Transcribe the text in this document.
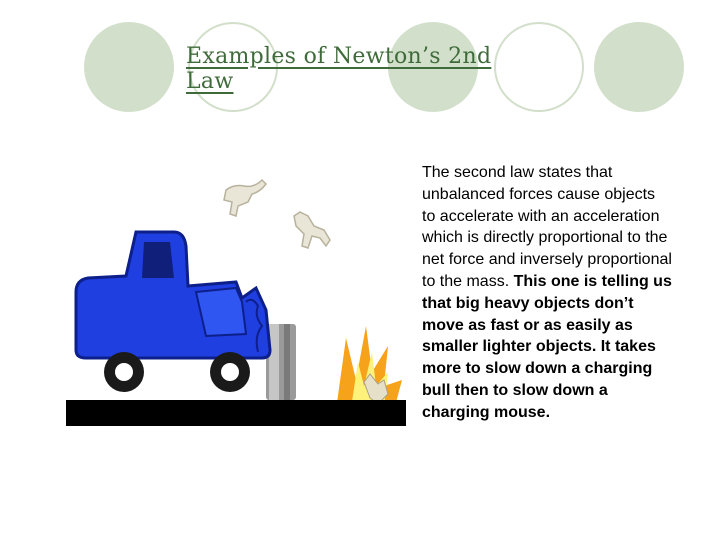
Examples of Newton’s 2nd Law
The second law states that unbalanced forces cause objects to accelerate with an acceleration which is directly proportional to the net force and inversely proportional to the mass. This one is telling us that big heavy objects don’t move as fast or as easily as smaller lighter objects. It takes more to slow down a charging bull then to slow down a charging mouse.
